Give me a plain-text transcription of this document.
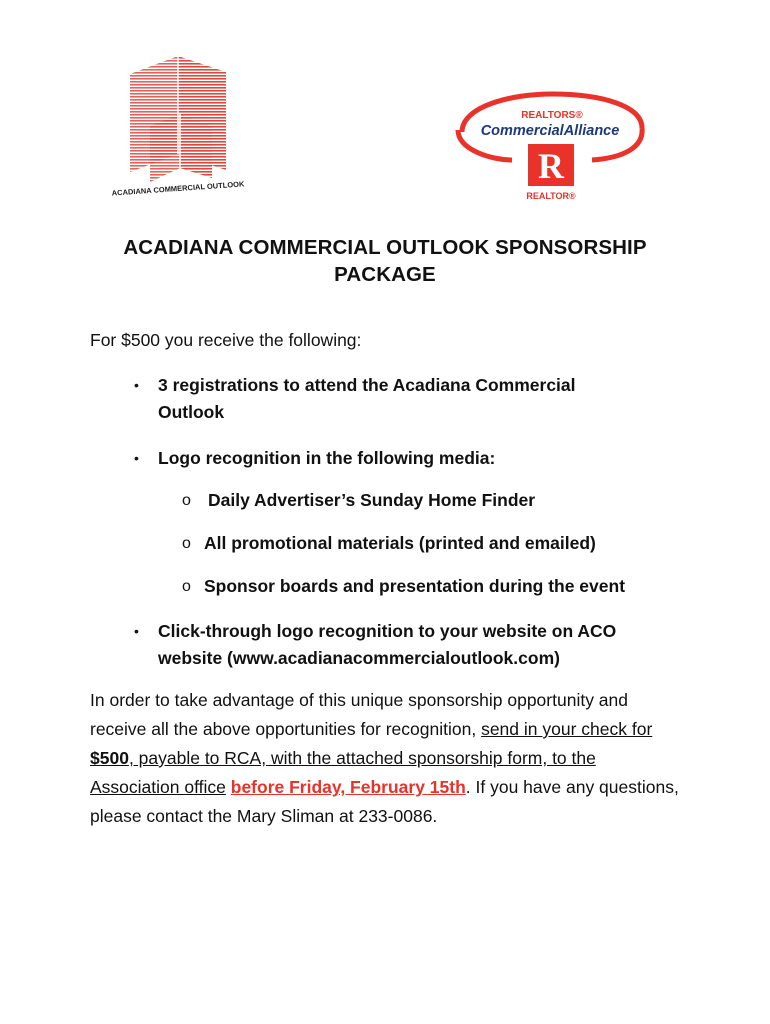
ACADIANA COMMERCIAL OUTLOOK
REALTORS®
CommercialAlliance
R
REALTOR®
ACADIANA COMMERCIAL OUTLOOK SPONSORSHIP
PACKAGE
For $500 you receive the following:
• 3 registrations to attend the Acadiana Commercial
Outlook
• Logo recognition in the following media:
o Daily Advertiser’s Sunday Home Finder
o All promotional materials (printed and emailed)
o Sponsor boards and presentation during the event
• Click-through logo recognition to your website on ACO
website (www.acadianacommercialoutlook.com)
In order to take advantage of this unique sponsorship opportunity and receive all the above opportunities for recognition, send in your check for $500, payable to RCA, with the attached sponsorship form, to the Association office before Friday, February 15th. If you have any questions, please contact the Mary Sliman at 233-0086.
